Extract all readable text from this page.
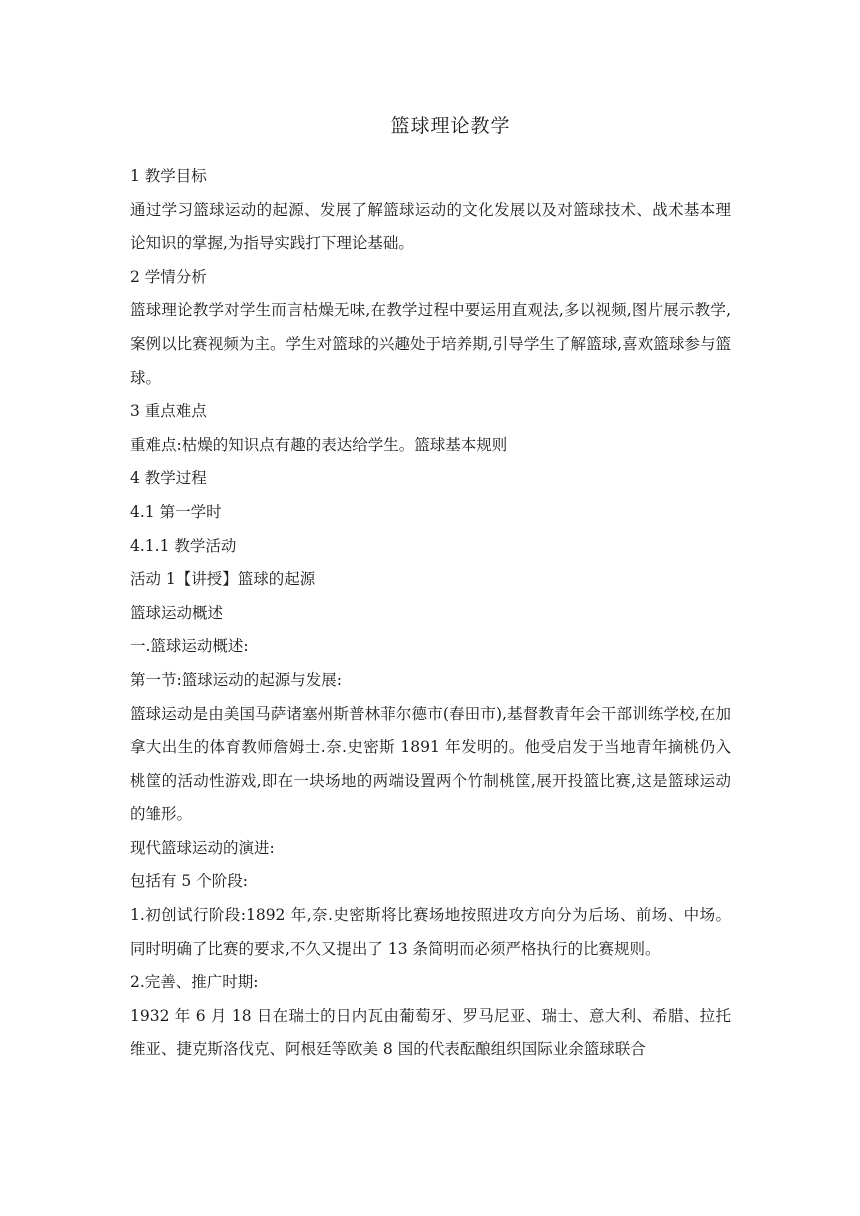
篮球理论教学

1 教学目标

通过学习篮球运动的起源、发展了解篮球运动的文化发展以及对篮球技术、战术基本理论知识的掌握,为指导实践打下理论基础。

2 学情分析

篮球理论教学对学生而言枯燥无味,在教学过程中要运用直观法,多以视频,图片展示教学,案例以比赛视频为主。学生对篮球的兴趣处于培养期,引导学生了解篮球,喜欢篮球参与篮球。

3 重点难点

重难点:枯燥的知识点有趣的表达给学生。篮球基本规则

4 教学过程

4.1 第一学时

4.1.1 教学活动

活动 1【讲授】篮球的起源

篮球运动概述

一.篮球运动概述:

第一节:篮球运动的起源与发展:

篮球运动是由美国马萨诸塞州斯普林菲尔德市(春田市),基督教青年会干部训练学校,在加拿大出生的体育教师詹姆士.奈.史密斯 1891 年发明的。他受启发于当地青年摘桃仍入桃筐的活动性游戏,即在一块场地的两端设置两个竹制桃筐,展开投篮比赛,这是篮球运动的雏形。

现代篮球运动的演进:

包括有 5 个阶段:

1.初创试行阶段:1892 年,奈.史密斯将比赛场地按照进攻方向分为后场、前场、中场。同时明确了比赛的要求,不久又提出了 13 条简明而必须严格执行的比赛规则。

2.完善、推广时期:

1932 年 6 月 18 日在瑞士的日内瓦由葡萄牙、罗马尼亚、瑞士、意大利、希腊、拉托维亚、捷克斯洛伐克、阿根廷等欧美 8 国的代表酝酿组织国际业余篮球联合
